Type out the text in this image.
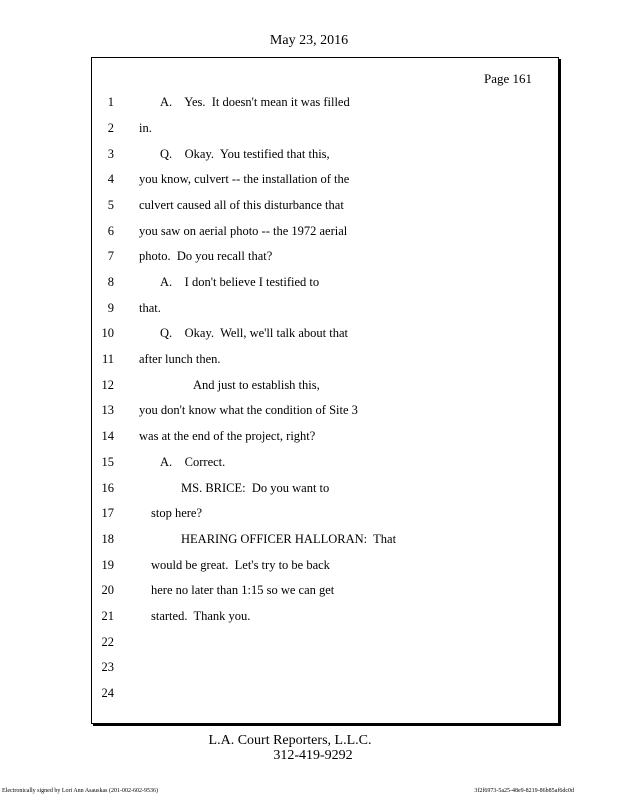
May 23, 2016
Page 161
1
2
3
4
5
6
7
8
9
10
11
12
13
14
15
16
17
18
19
20
21
22
23
24
A.    Yes.  It doesn't mean it was filled
in.
Q.    Okay.  You testified that this,
you know, culvert -- the installation of the
culvert caused all of this disturbance that
you saw on aerial photo -- the 1972 aerial
photo.  Do you recall that?
A.    I don't believe I testified to
that.
Q.    Okay.  Well, we'll talk about that
after lunch then.
And just to establish this,
you don't know what the condition of Site 3
was at the end of the project, right?
A.    Correct.
MS. BRICE:  Do you want to
stop here?
HEARING OFFICER HALLORAN:  That
would be great.  Let's try to be back
here no later than 1:15 so we can get
started.  Thank you.
L.A. Court Reporters, L.L.C.
312-419-9292
Electronically signed by Lori Ann Asauskas (201-002-602-9536)	3f2f6973-5a25-48e9-8219-86b85af6dc0d
